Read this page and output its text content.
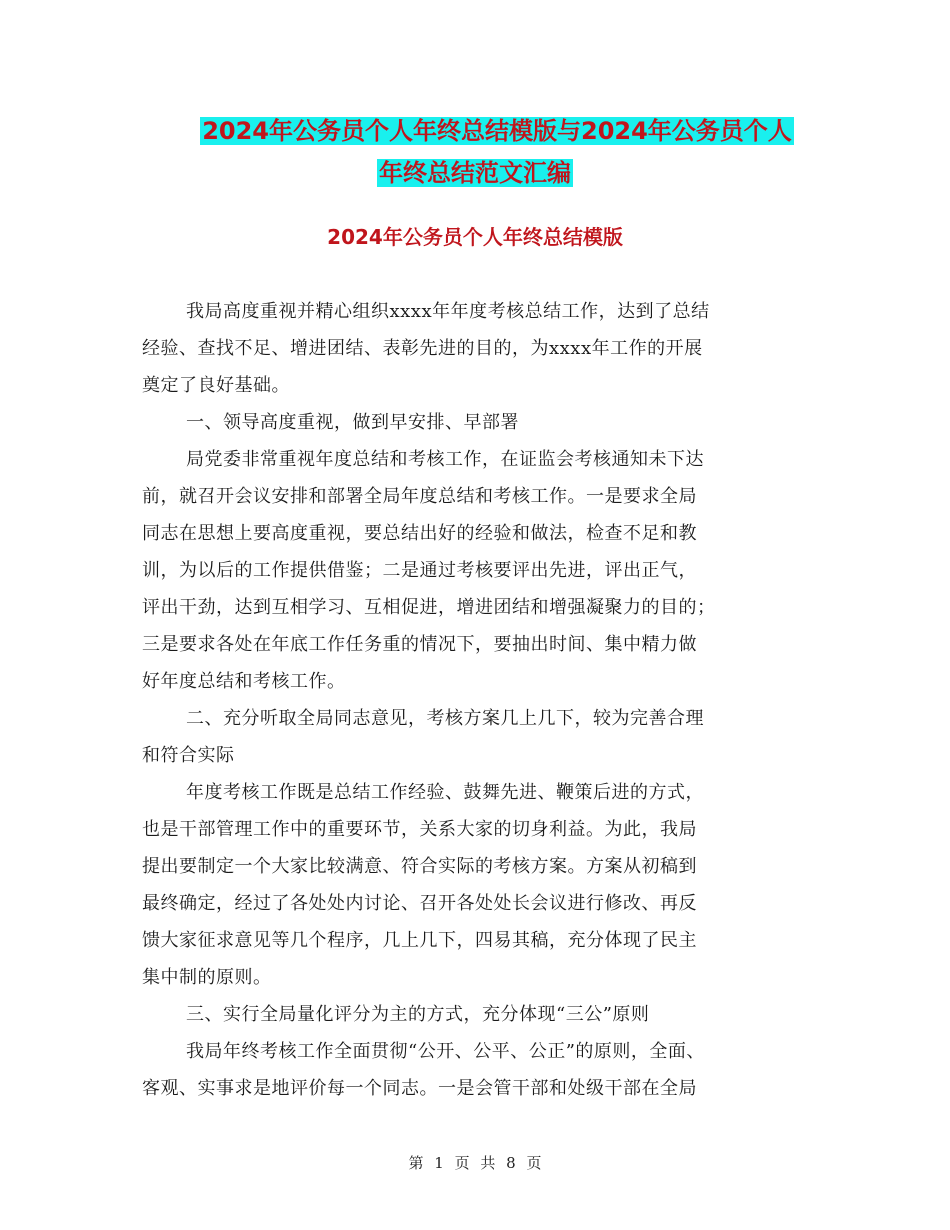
2024年公务员个人年终总结模版与2024年公务员个人
年终总结范文汇编
2024年公务员个人年终总结模版
我局高度重视并精心组织xxxx年年度考核总结工作，达到了总结
经验、查找不足、增进团结、表彰先进的目的，为xxxx年工作的开展
奠定了良好基础。
一、领导高度重视，做到早安排、早部署
局党委非常重视年度总结和考核工作，在证监会考核通知未下达
前，就召开会议安排和部署全局年度总结和考核工作。一是要求全局
同志在思想上要高度重视，要总结出好的经验和做法，检查不足和教
训，为以后的工作提供借鉴；二是通过考核要评出先进，评出正气，
评出干劲，达到互相学习、互相促进，增进团结和增强凝聚力的目的；
三是要求各处在年底工作任务重的情况下，要抽出时间、集中精力做
好年度总结和考核工作。
二、充分听取全局同志意见，考核方案几上几下，较为完善合理
和符合实际
年度考核工作既是总结工作经验、鼓舞先进、鞭策后进的方式，
也是干部管理工作中的重要环节，关系大家的切身利益。为此，我局
提出要制定一个大家比较满意、符合实际的考核方案。方案从初稿到
最终确定，经过了各处处内讨论、召开各处处长会议进行修改、再反
馈大家征求意见等几个程序，几上几下，四易其稿，充分体现了民主
集中制的原则。
三、实行全局量化评分为主的方式，充分体现“三公”原则
我局年终考核工作全面贯彻“公开、公平、公正”的原则，全面、
客观、实事求是地评价每一个同志。一是会管干部和处级干部在全局
第 1 页 共 8 页
